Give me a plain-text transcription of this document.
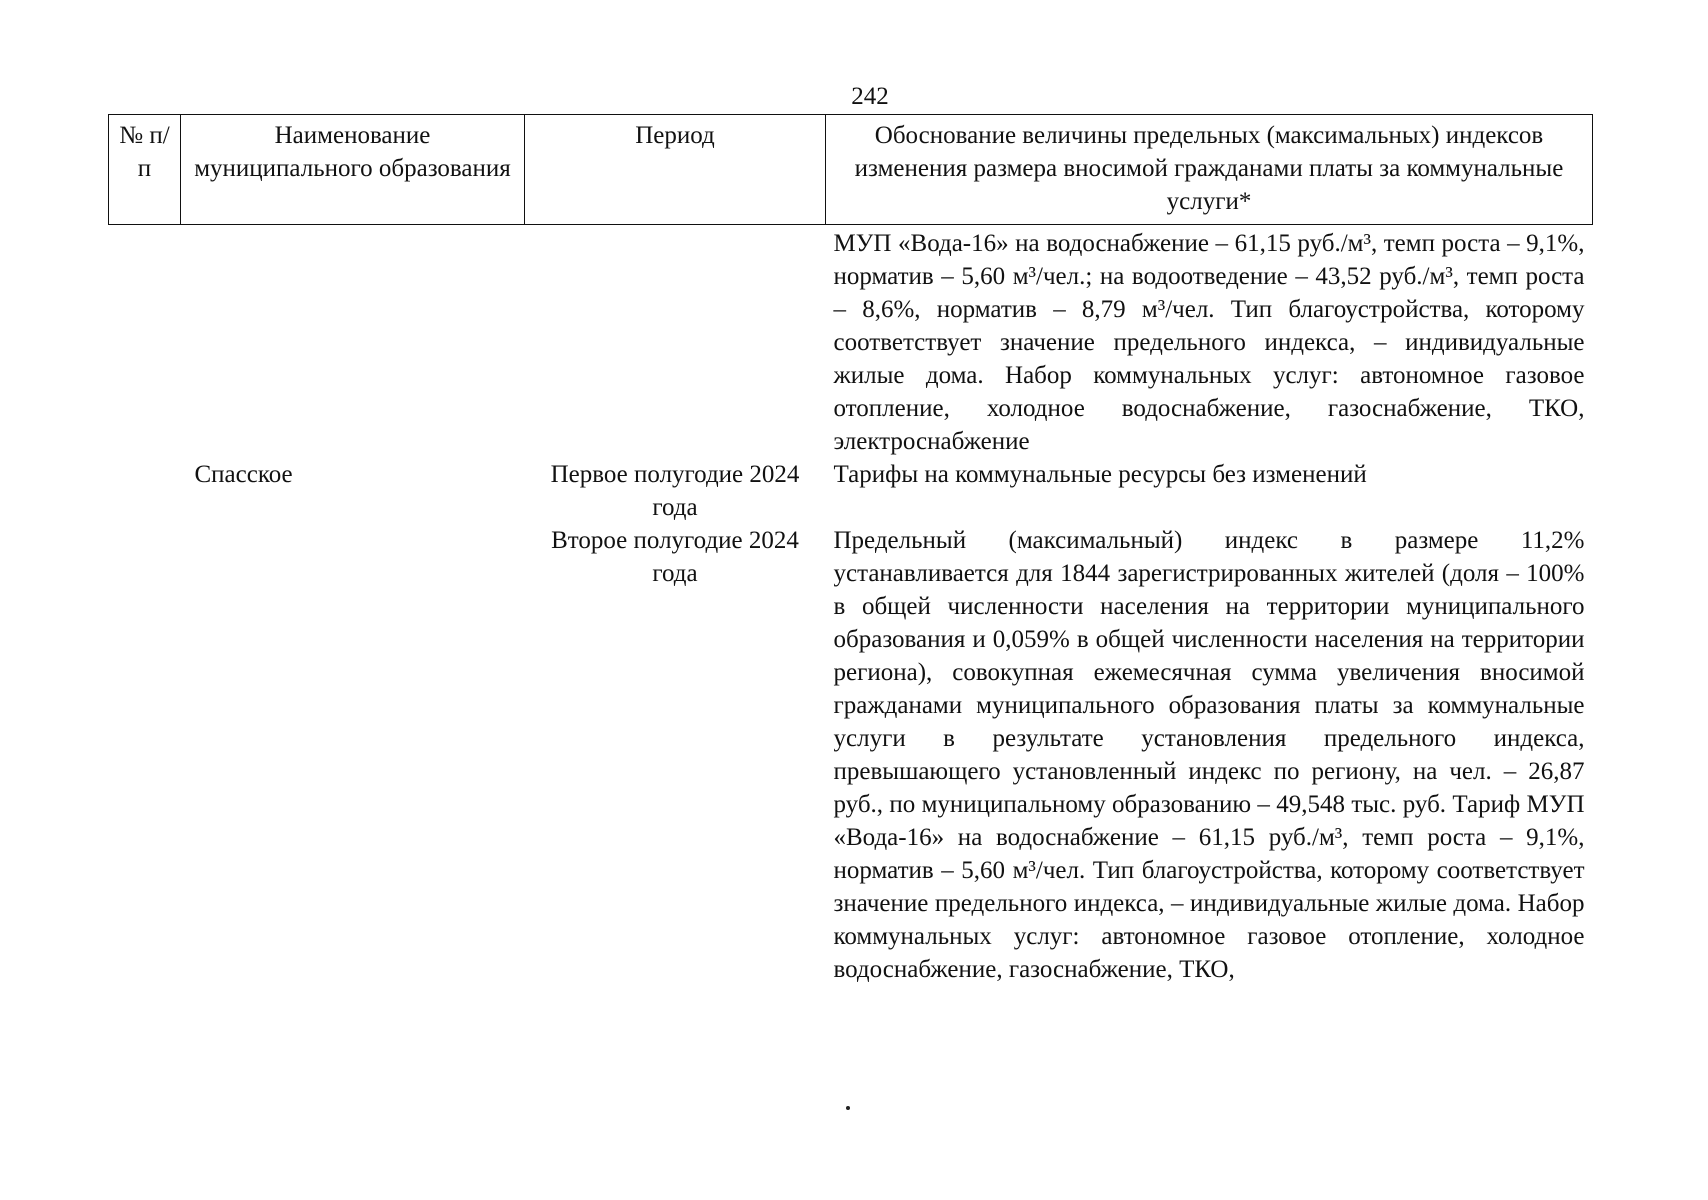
242
№ п/п	Наименование муниципального образования	Период	Обоснование величины предельных (максимальных) индексов изменения размера вносимой гражданами платы за коммунальные услуги*
			МУП «Вода-16» на водоснабжение – 61,15 руб./м³, темп роста – 9,1%, норматив – 5,60 м³/чел.; на водоотведение – 43,52 руб./м³, темп роста – 8,6%, норматив – 8,79 м³/чел. Тип благоустройства, которому соответствует значение предельного индекса, – индивидуальные жилые дома. Набор коммунальных услуг: автономное газовое отопление, холодное водоснабжение, газоснабжение, ТКО, электроснабжение
	Спасское	Первое полугодие 2024 года	Тарифы на коммунальные ресурсы без изменений
		Второе полугодие 2024 года	Предельный (максимальный) индекс в размере 11,2% устанавливается для 1844 зарегистрированных жителей (доля – 100% в общей численности населения на территории муниципального образования и 0,059% в общей численности населения на территории региона), совокупная ежемесячная сумма увеличения вносимой гражданами муниципального образования платы за коммунальные услуги в результате установления предельного индекса, превышающего установленный индекс по региону, на чел. – 26,87 руб., по муниципальному образованию – 49,548 тыс. руб. Тариф МУП «Вода-16» на водоснабжение – 61,15 руб./м³, темп роста – 9,1%, норматив – 5,60 м³/чел. Тип благоустройства, которому соответствует значение предельного индекса, – индивидуальные жилые дома. Набор коммунальных услуг: автономное газовое отопление, холодное водоснабжение, газоснабжение, ТКО,
